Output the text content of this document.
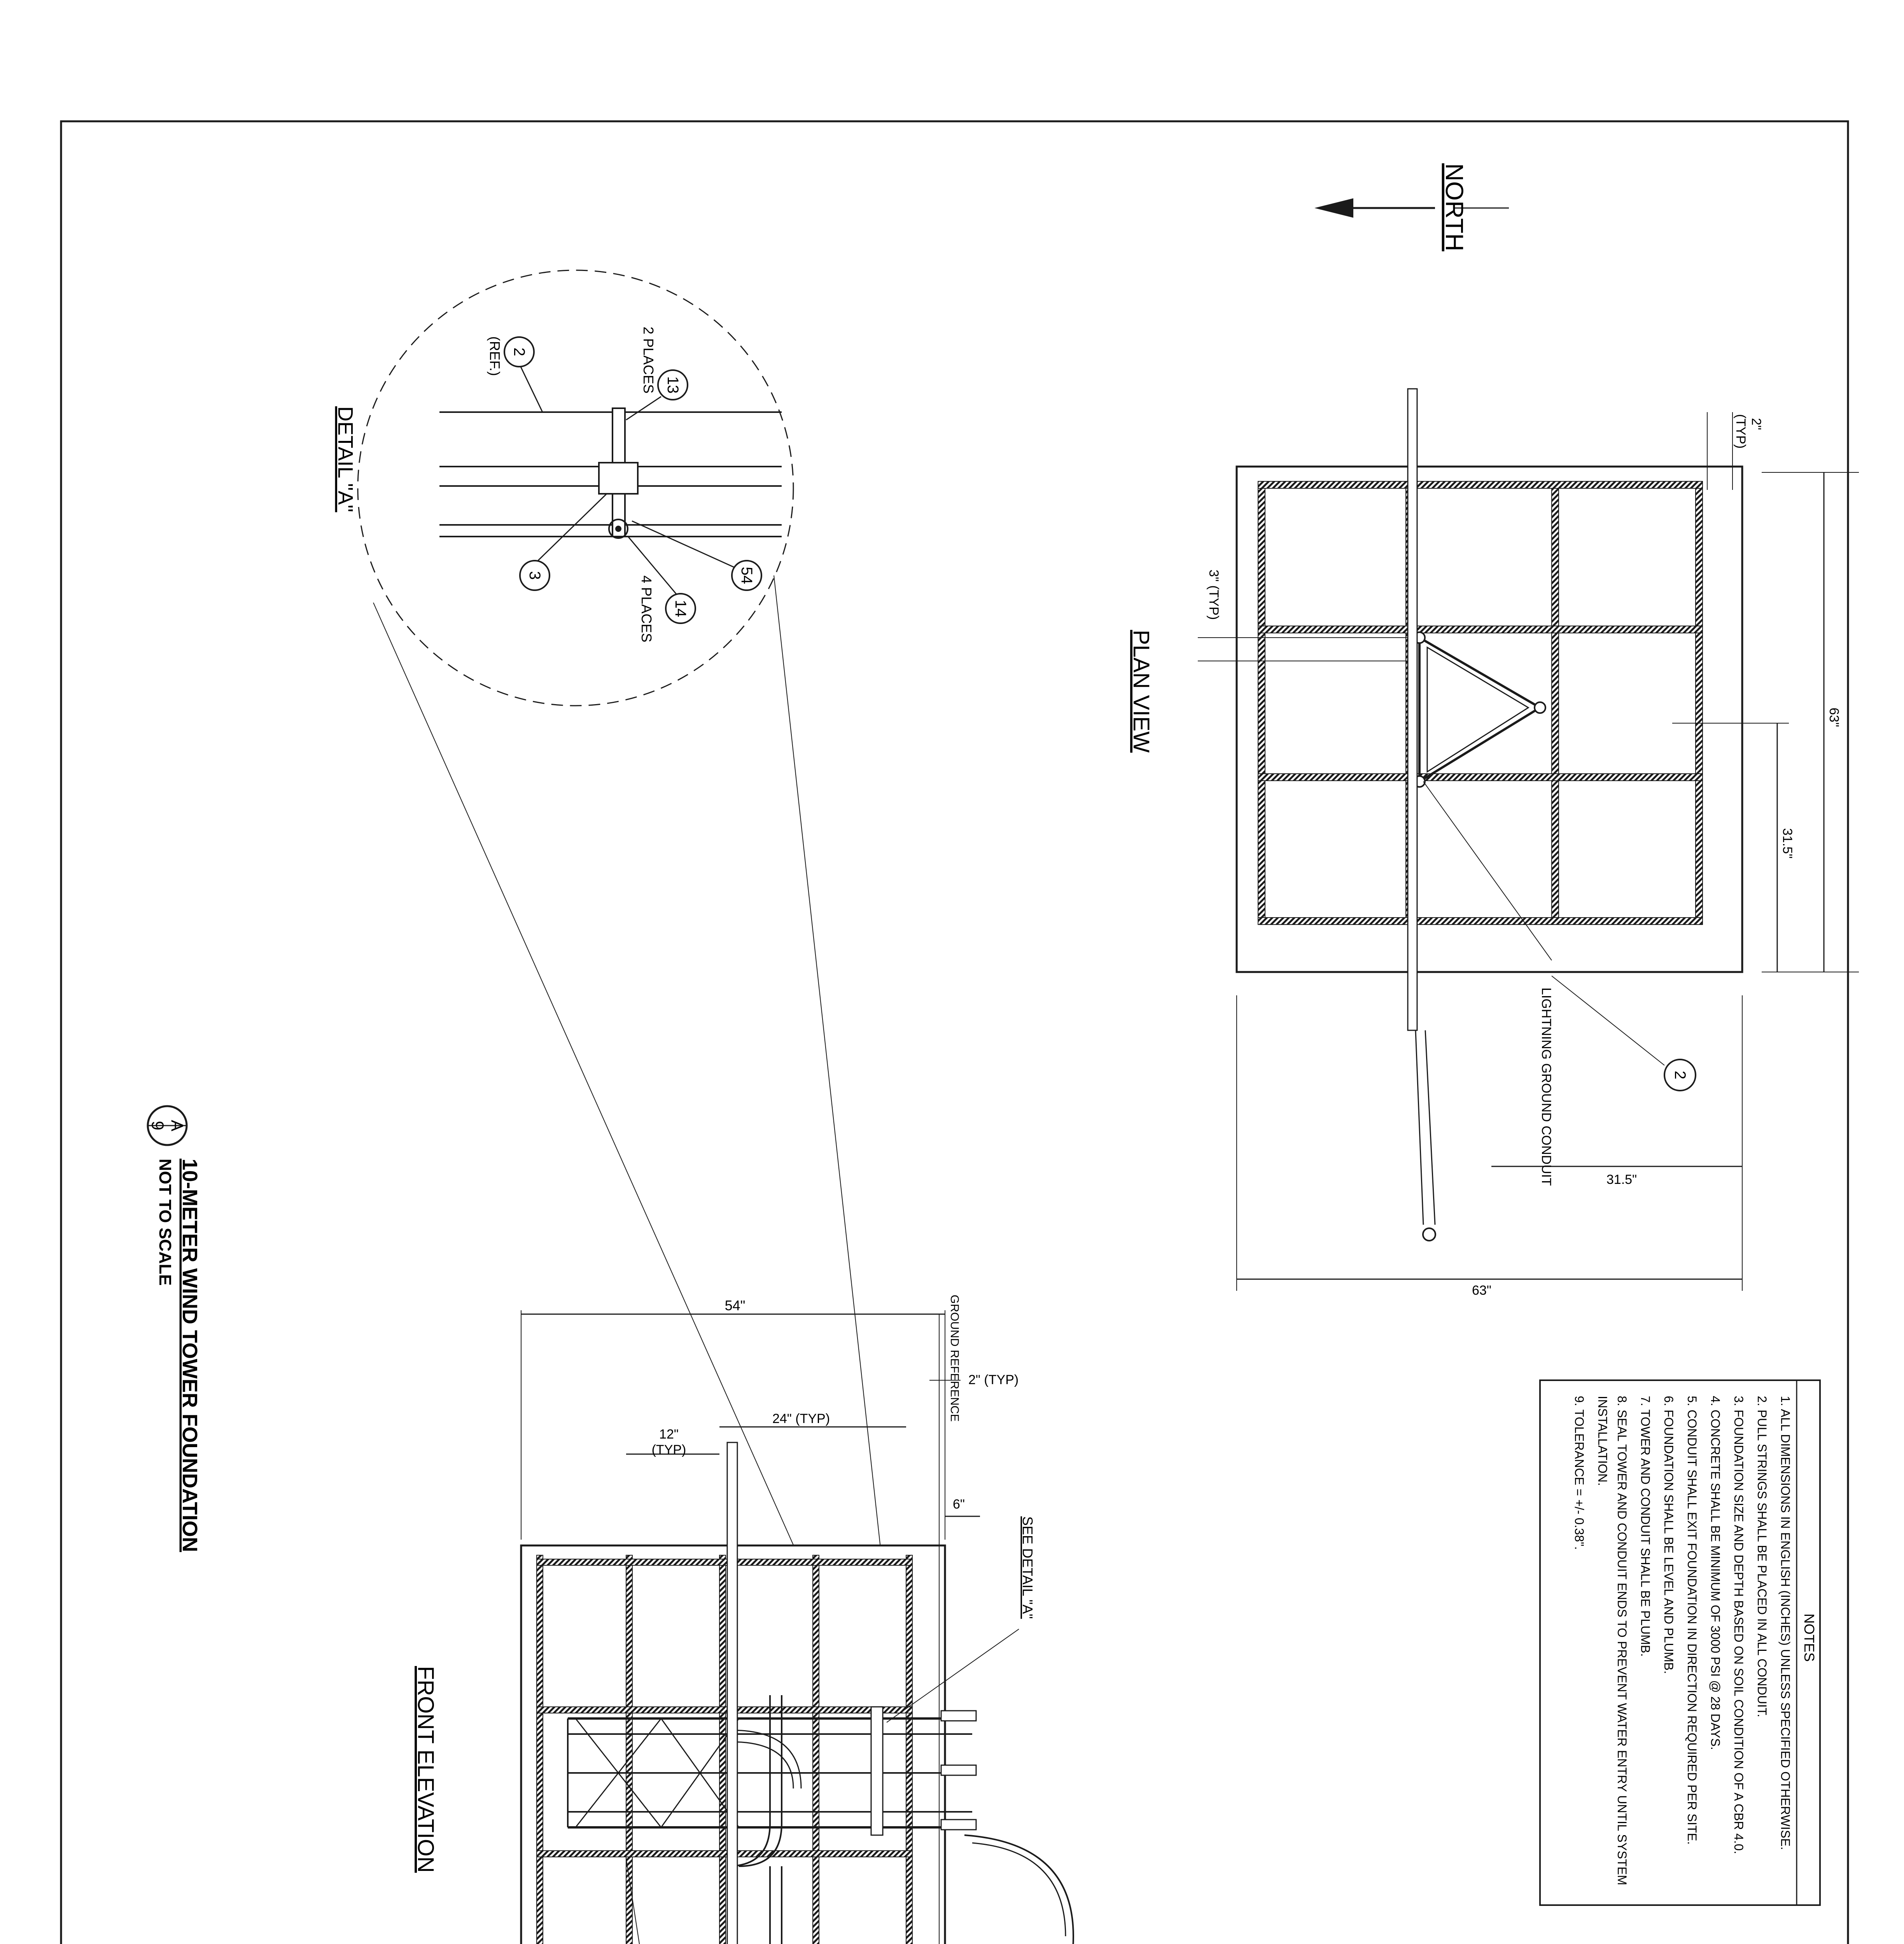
NORTH
DETAIL "A"
2
(REF.)
13
2 PLACES
3
14
4 PLACES	54
PLAN VIEW	63"
31.5"
2"
(TYP)
3" (TYP)
63"
31.5"
LIGHTNING GROUND CONDUIT	2
A
9
10-METER WIND TOWER FOUNDATION
NOT TO SCALE
FRONT ELEVATION
54"	GROUND REFERENCE 2" (TYP)
24" (TYP)
12"
(TYP)
6"
SEE DETAIL "A"
NOTES
1. ALL DIMENSIONS IN ENGLISH (INCHES) UNLESS SPECIFIED OTHERWISE.
2. PULL STRINGS SHALL BE PLACED IN ALL CONDUIT.
3. FOUNDATION SIZE AND DEPTH BASED ON SOIL CONDITION OF A CBR 4.0.
4. CONCRETE SHALL BE MINIMUM OF 3000 PSI @ 28 DAYS.
5. CONDUIT SHALL EXIT FOUNDATION IN DIRECTION REQUIRED PER SITE.
6. FOUNDATION SHALL BE LEVEL AND PLUMB.
7. TOWER AND CONDUIT SHALL BE PLUMB.
8. SEAL TOWER AND CONDUIT ENDS TO PREVENT WATER ENTRY UNTIL SYSTEM
INSTALLATION.
9. TOLERANCE = +/- 0.38".
